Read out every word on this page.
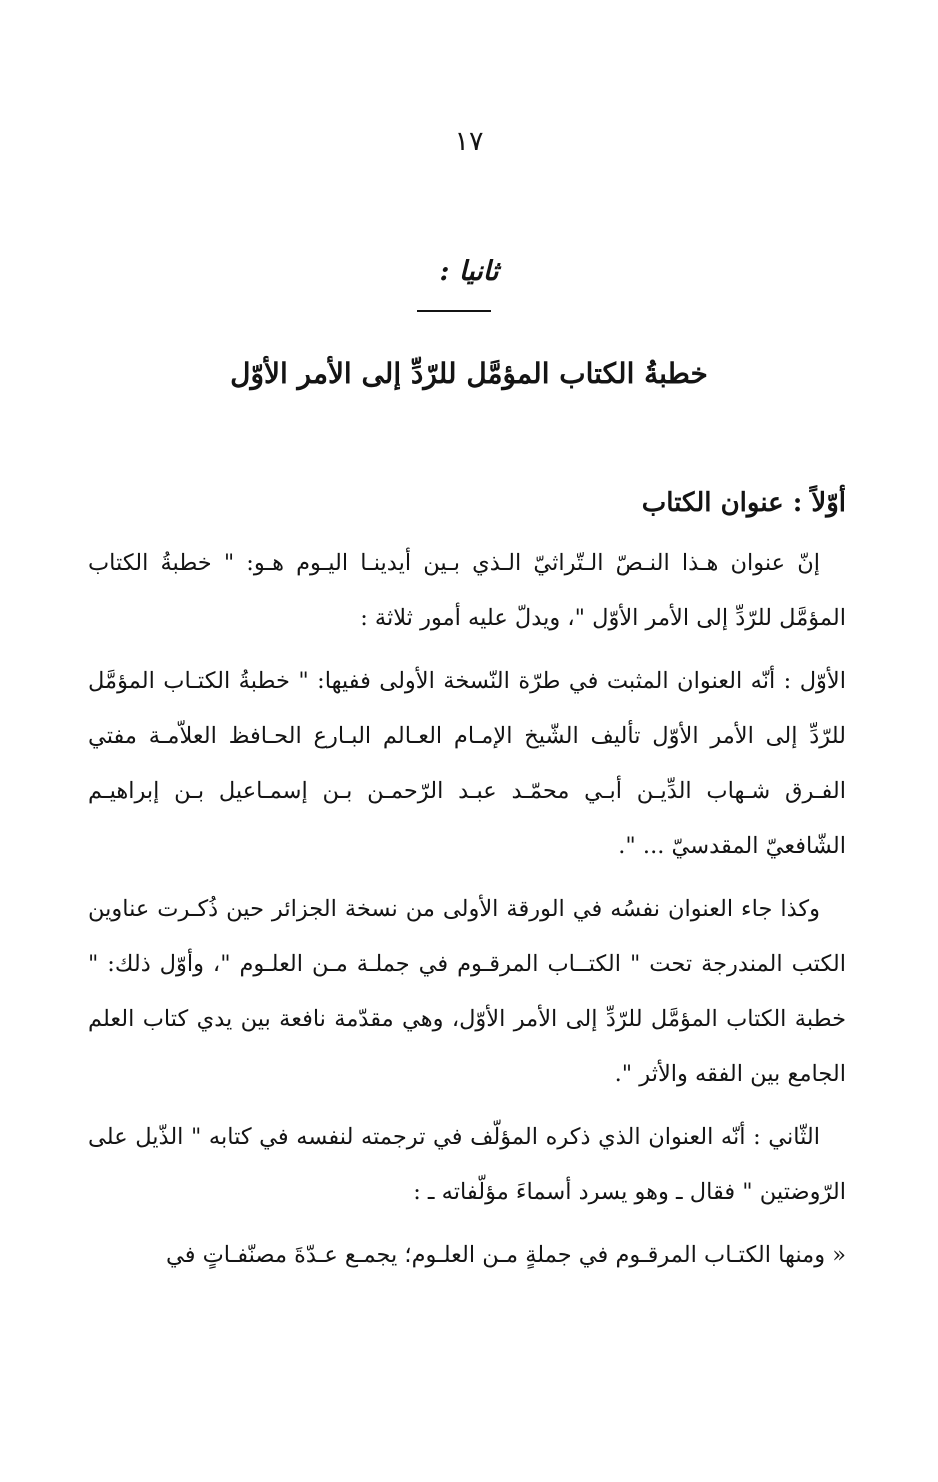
١٧
ثانيا :
خطبةُ الكتاب المؤمَّل للرّدِّ إلى الأمر الأوّل
أوّلاً : عنوان الكتاب

إنّ عنوان هـذا النـصّ الـتّراثيّ الـذي بـين أيدينـا اليـوم هـو: " خطبةُ الكتاب المؤمَّل للرّدِّ إلى الأمر الأوّل "، ويدلّ عليه أمور ثلاثة :

الأوّل : أنّه العنوان المثبت في طرّة النّسخة الأولى ففيها: " خطبةُ الكتـاب المؤمَّل للرّدِّ إلى الأمر الأوّل تأليف الشّيخ الإمـام العـالم البـارع الحـافظ العلاّمـة مفتي الفـرق شـهاب الدِّيـن أبـي محمّـد عبـد الرّحمـن بـن إسمـاعيل بـن إبراهيـم الشّافعيّ المقدسيّ ... ".

وكذا جاء العنوان نفسُه في الورقة الأولى من نسخة الجزائر حين ذُكـرت عناوين الكتب المندرجة تحت " الكتــاب المرقـوم في جملـة مـن العلـوم "، وأوّل ذلك: " خطبة الكتاب المؤمَّل للرّدِّ إلى الأمر الأوّل، وهي مقدّمة نافعة بين يدي كتاب العلم الجامع بين الفقه والأثر ".

الثّاني : أنّه العنوان الذي ذكره المؤلّف في ترجمته لنفسه في كتابه " الذّيل على الرّوضتين " فقال ـ وهو يسرد أسماءَ مؤلّفاته ـ :

« ومنها الكتـاب المرقـوم في جملةٍ مـن العلـوم؛ يجمـع عـدّةَ مصنّفـاتٍ في
